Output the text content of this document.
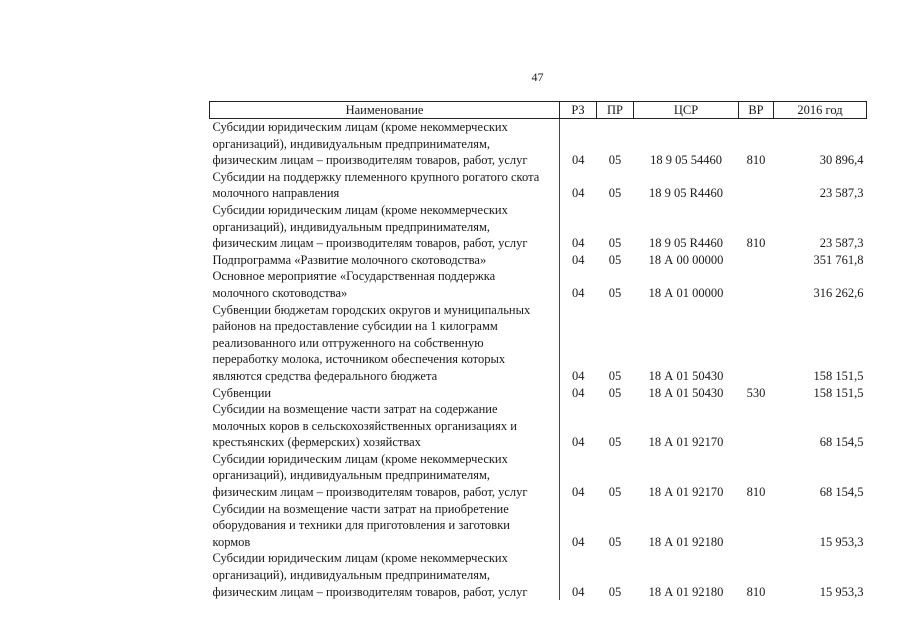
47
Наименование	РЗ	ПР	ЦСР	ВР	2016 год

Субсидии юридическим лицам (кроме некоммерческих
организаций), индивидуальным предпринимателям,
физическим лицам – производителям товаров, работ, услуг	04	05	18 9 05 54460	810	30 896,4

Субсидии на поддержку племенного крупного рогатого скота
молочного направления	04	05	18 9 05 R4460		23 587,3

Субсидии юридическим лицам (кроме некоммерческих
организаций), индивидуальным предпринимателям,
физическим лицам – производителям товаров, работ, услуг	04	05	18 9 05 R4460	810	23 587,3

Подпрограмма «Развитие молочного скотоводства»	04	05	18 А 00 00000		351 761,8

Основное мероприятие «Государственная поддержка
молочного скотоводства»	04	05	18 А 01 00000		316 262,6

Субвенции бюджетам городских округов и муниципальных
районов на предоставление субсидии на 1 килограмм
реализованного или отгруженного на собственную
переработку молока, источником обеспечения которых
являются средства федерального бюджета	04	05	18 А 01 50430		158 151,5

Субвенции	04	05	18 А 01 50430	530	158 151,5

Субсидии на возмещение части затрат на содержание
молочных коров в сельскохозяйственных организациях и
крестьянских (фермерских) хозяйствах	04	05	18 А 01 92170		68 154,5

Субсидии юридическим лицам (кроме некоммерческих
организаций), индивидуальным предпринимателям,
физическим лицам – производителям товаров, работ, услуг	04	05	18 А 01 92170	810	68 154,5

Субсидии на возмещение части затрат на приобретение
оборудования и техники для приготовления и заготовки
кормов	04	05	18 А 01 92180		15 953,3

Субсидии юридическим лицам (кроме некоммерческих
организаций), индивидуальным предпринимателям,
физическим лицам – производителям товаров, работ, услуг	04	05	18 А 01 92180	810	15 953,3
